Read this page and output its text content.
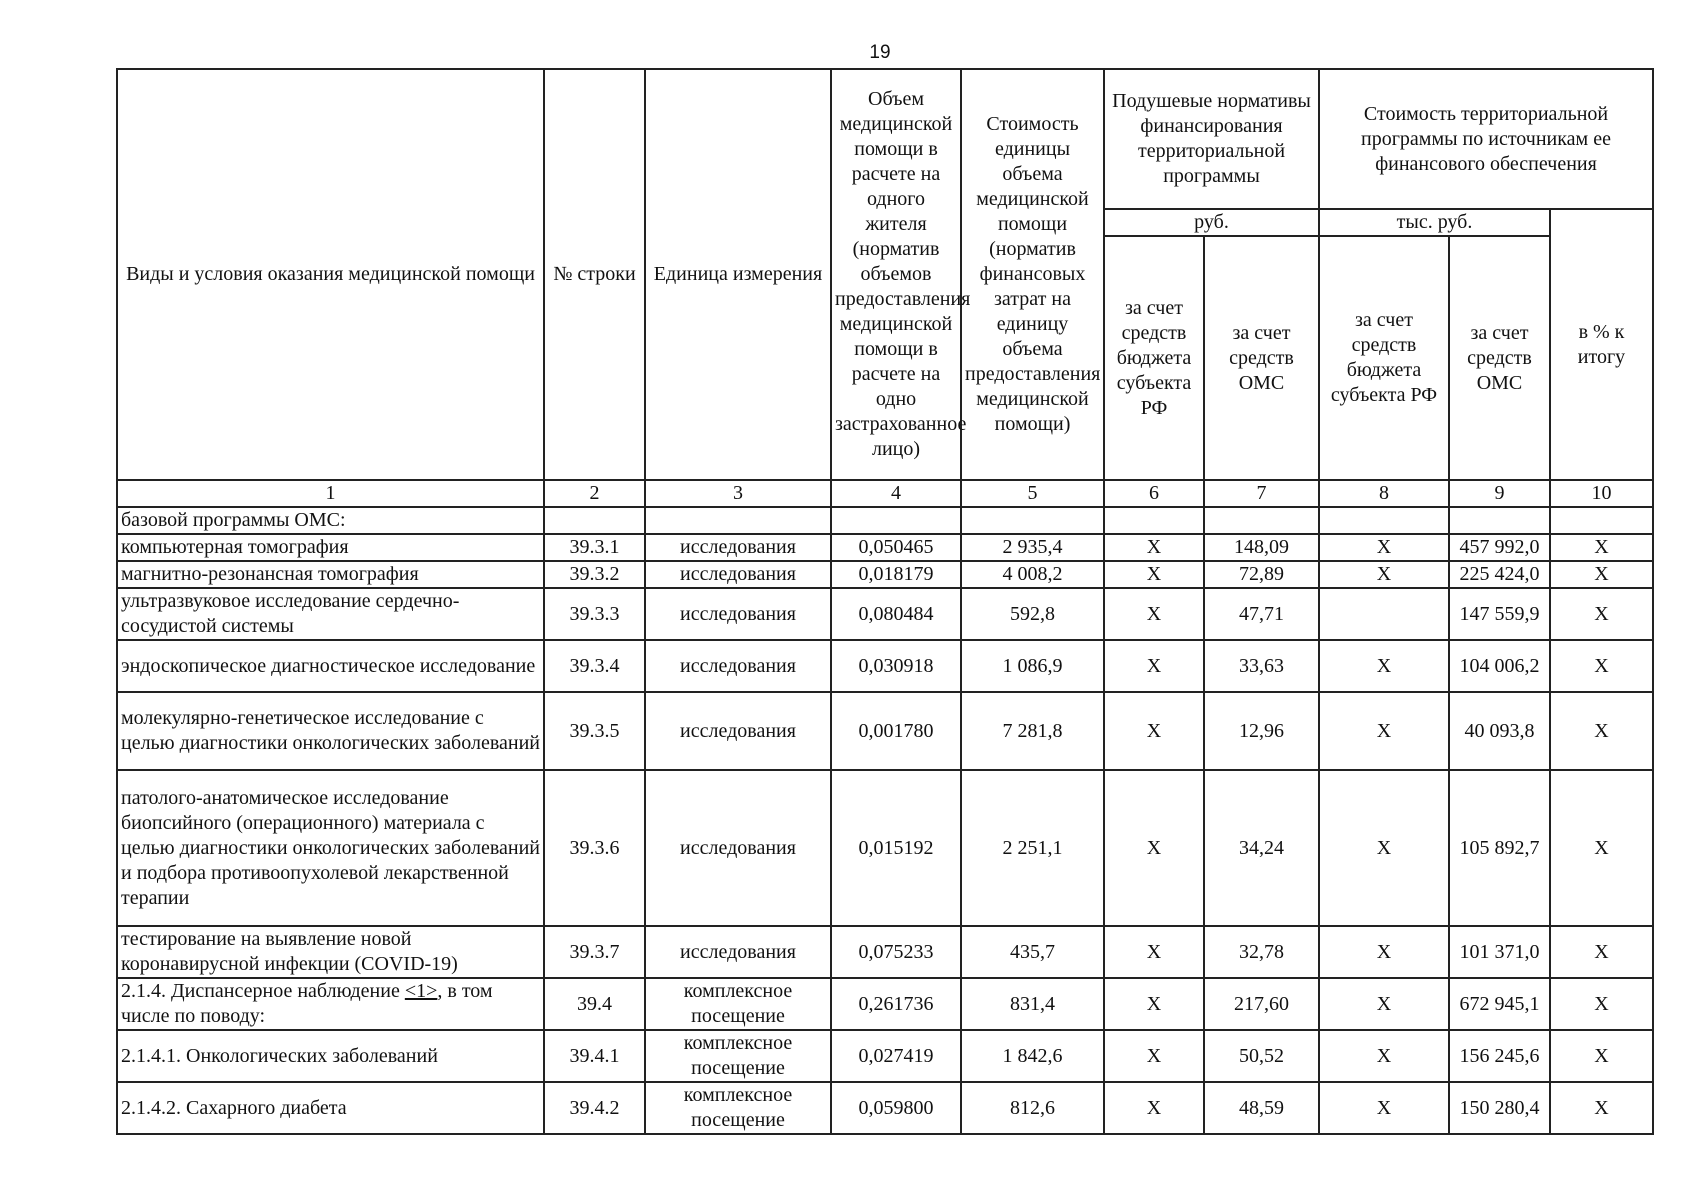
19
Виды и условия оказания медицинской помощи	№ строки	Единица измерения	Объем медицинской помощи в расчете на одного жителя (норматив объемов предоставления медицинской помощи в расчете на одно застрахованное лицо)	Стоимость единицы объема медицинской помощи (норматив финансовых затрат на единицу объема предоставления медицинской помощи)	Подушевые нормативы финансирования территориальной программы		Стоимость территориальной программы по источникам ее финансового обеспечения		
					руб.		тыс. руб.		в % к итогу
					за счет средств бюджета субъекта РФ	за счет средств ОМС	за счет средств бюджета субъекта РФ	за счет средств ОМС	
1	2	3	4	5	6	7	8	9	10
базовой программы ОМС:									
компьютерная томография	39.3.1	исследования	0,050465	2 935,4	X	148,09	X	457 992,0	X
магнитно-резонансная томография	39.3.2	исследования	0,018179	4 008,2	X	72,89	X	225 424,0	X
ультразвуковое исследование сердечно-сосудистой системы	39.3.3	исследования	0,080484	592,8	X	47,71		147 559,9	X
эндоскопическое диагностическое исследование	39.3.4	исследования	0,030918	1 086,9	X	33,63	X	104 006,2	X
молекулярно-генетическое исследование с целью диагностики онкологических заболеваний	39.3.5	исследования	0,001780	7 281,8	X	12,96	X	40 093,8	X
патолого-анатомическое исследование биопсийного (операционного) материала с целью диагностики онкологических заболеваний и подбора противоопухолевой лекарственной терапии	39.3.6	исследования	0,015192	2 251,1	X	34,24	X	105 892,7	X
тестирование на выявление новой коронавирусной инфекции (COVID-19)	39.3.7	исследования	0,075233	435,7	X	32,78	X	101 371,0	X
2.1.4. Диспансерное наблюдение <1>, в том числе по поводу:	39.4	комплексное посещение	0,261736	831,4	X	217,60	X	672 945,1	X
2.1.4.1. Онкологических заболеваний	39.4.1	комплексное посещение	0,027419	1 842,6	X	50,52	X	156 245,6	X
2.1.4.2. Сахарного диабета	39.4.2	комплексное посещение	0,059800	812,6	X	48,59	X	150 280,4	X
